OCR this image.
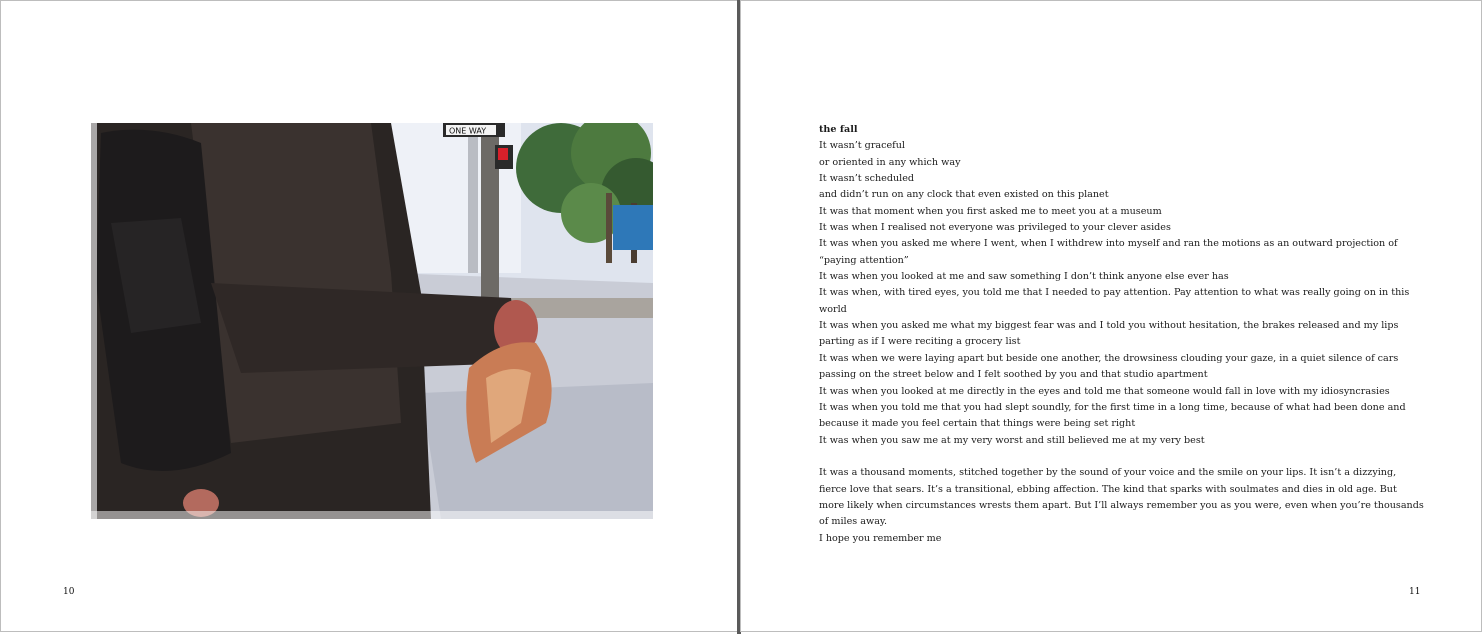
ONE WAY
10	11

the fall

It wasn’t graceful

or oriented in any which way

It wasn’t scheduled

and didn’t run on any clock that even existed on this planet

It was that moment when you first asked me to meet you at a museum

It was when I realised not everyone was privileged to your clever asides

It was when you asked me where I went, when I withdrew into myself and ran the motions as an outward projection of “paying attention”

It was when you looked at me and saw something I don’t think anyone else ever has

It was when, with tired eyes, you told me that I needed to pay attention. Pay attention to what was really going on in this world

It was when you asked me what my biggest fear was and I told you without hesitation, the brakes released and my lips parting as if I were reciting a grocery list

It was when we were laying apart but beside one another, the drowsiness clouding your gaze, in a quiet silence of cars passing on the street below and I felt soothed by you and that studio apartment

It was when you looked at me directly in the eyes and told me that someone would fall in love with my idiosyncrasies

It was when you told me that you had slept soundly, for the first time in a long time, because of what had been done and because it made you feel certain that things were being set right

It was when you saw me at my very worst and still believed me at my very best

It was a thousand moments, stitched together by the sound of your voice and the smile on your lips. It isn’t a dizzying, fierce love that sears. It’s a transitional, ebbing affection. The kind that sparks with soulmates and dies in old age. But more likely when circumstances wrests them apart. But I’ll always remember you as you were, even when you’re thousands of miles away.

I hope you remember me
